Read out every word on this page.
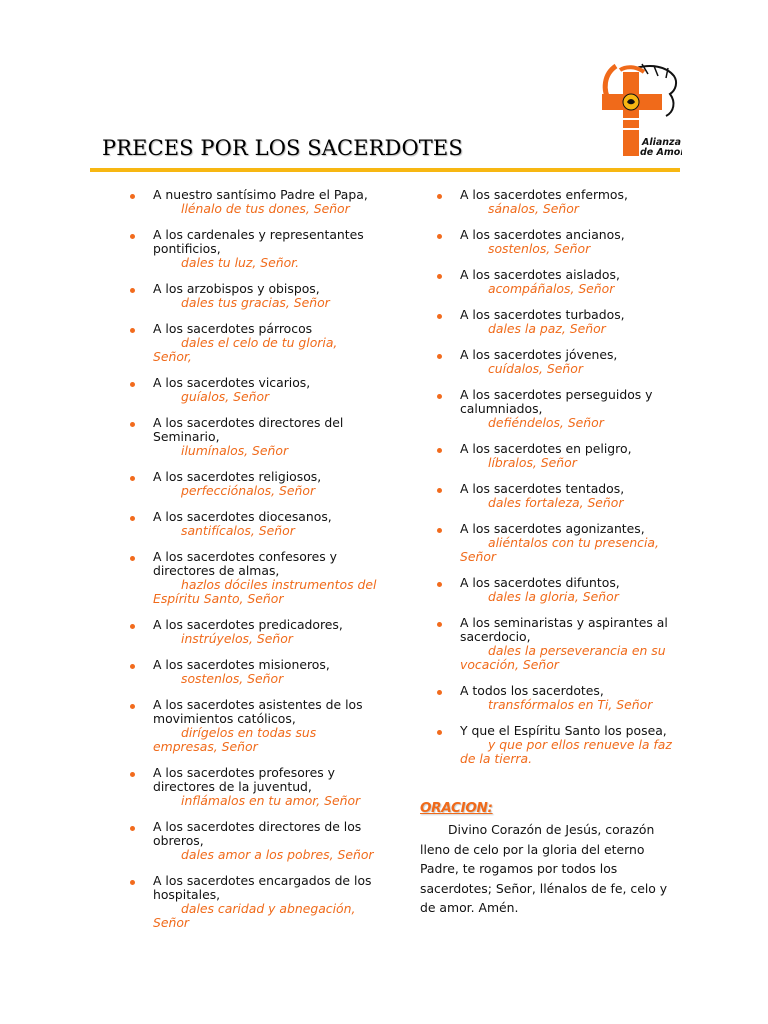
Alianza
de Amor
PRECES POR LOS SACERDOTES
A nuestro santísimo Padre el Papa,
llénalo de tus dones, Señor
A los cardenales y representantes pontificios,
dales tu luz, Señor.
A los arzobispos y obispos,
dales tus gracias, Señor
A los sacerdotes párrocos
dales el celo de tu gloria, Señor,
A los sacerdotes vicarios,
guíalos, Señor
A los sacerdotes directores del Seminario,
ilumínalos, Señor
A los sacerdotes religiosos,
perfecciónalos, Señor
A los sacerdotes diocesanos,
santifícalos, Señor
A los sacerdotes confesores y directores de almas,
hazlos dóciles instrumentos del Espíritu Santo, Señor
A los sacerdotes predicadores,
instrúyelos, Señor
A los sacerdotes misioneros,
sostenlos, Señor
A los sacerdotes asistentes de los movimientos católicos,
dirígelos en todas sus empresas, Señor
A los sacerdotes profesores y directores de la juventud,
inflámalos en tu amor, Señor
A los sacerdotes directores de los obreros,
dales amor a los pobres, Señor
A los sacerdotes encargados de los hospitales,
dales caridad y abnegación, Señor
A los sacerdotes enfermos,
sánalos, Señor
A los sacerdotes ancianos,
sostenlos, Señor
A los sacerdotes aislados,
acompáñalos, Señor
A los sacerdotes turbados,
dales la paz, Señor
A los sacerdotes jóvenes,
cuídalos, Señor
A los sacerdotes perseguidos y calumniados,
defiéndelos, Señor
A los sacerdotes en peligro,
líbralos, Señor
A los sacerdotes tentados,
dales fortaleza, Señor
A los sacerdotes agonizantes,
aliéntalos con tu presencia, Señor
A los sacerdotes difuntos,
dales la gloria, Señor
A los seminaristas y aspirantes al sacerdocio,
dales la perseverancia en su vocación, Señor
A todos los sacerdotes,
transfórmalos en Ti, Señor
Y que el Espíritu Santo los posea,
y que por ellos renueve la faz de la tierra.
ORACION:
Divino Corazón de Jesús, corazón lleno de celo por la gloria del eterno Padre, te rogamos por todos los sacerdotes; Señor, llénalos de fe, celo y de amor. Amén.
